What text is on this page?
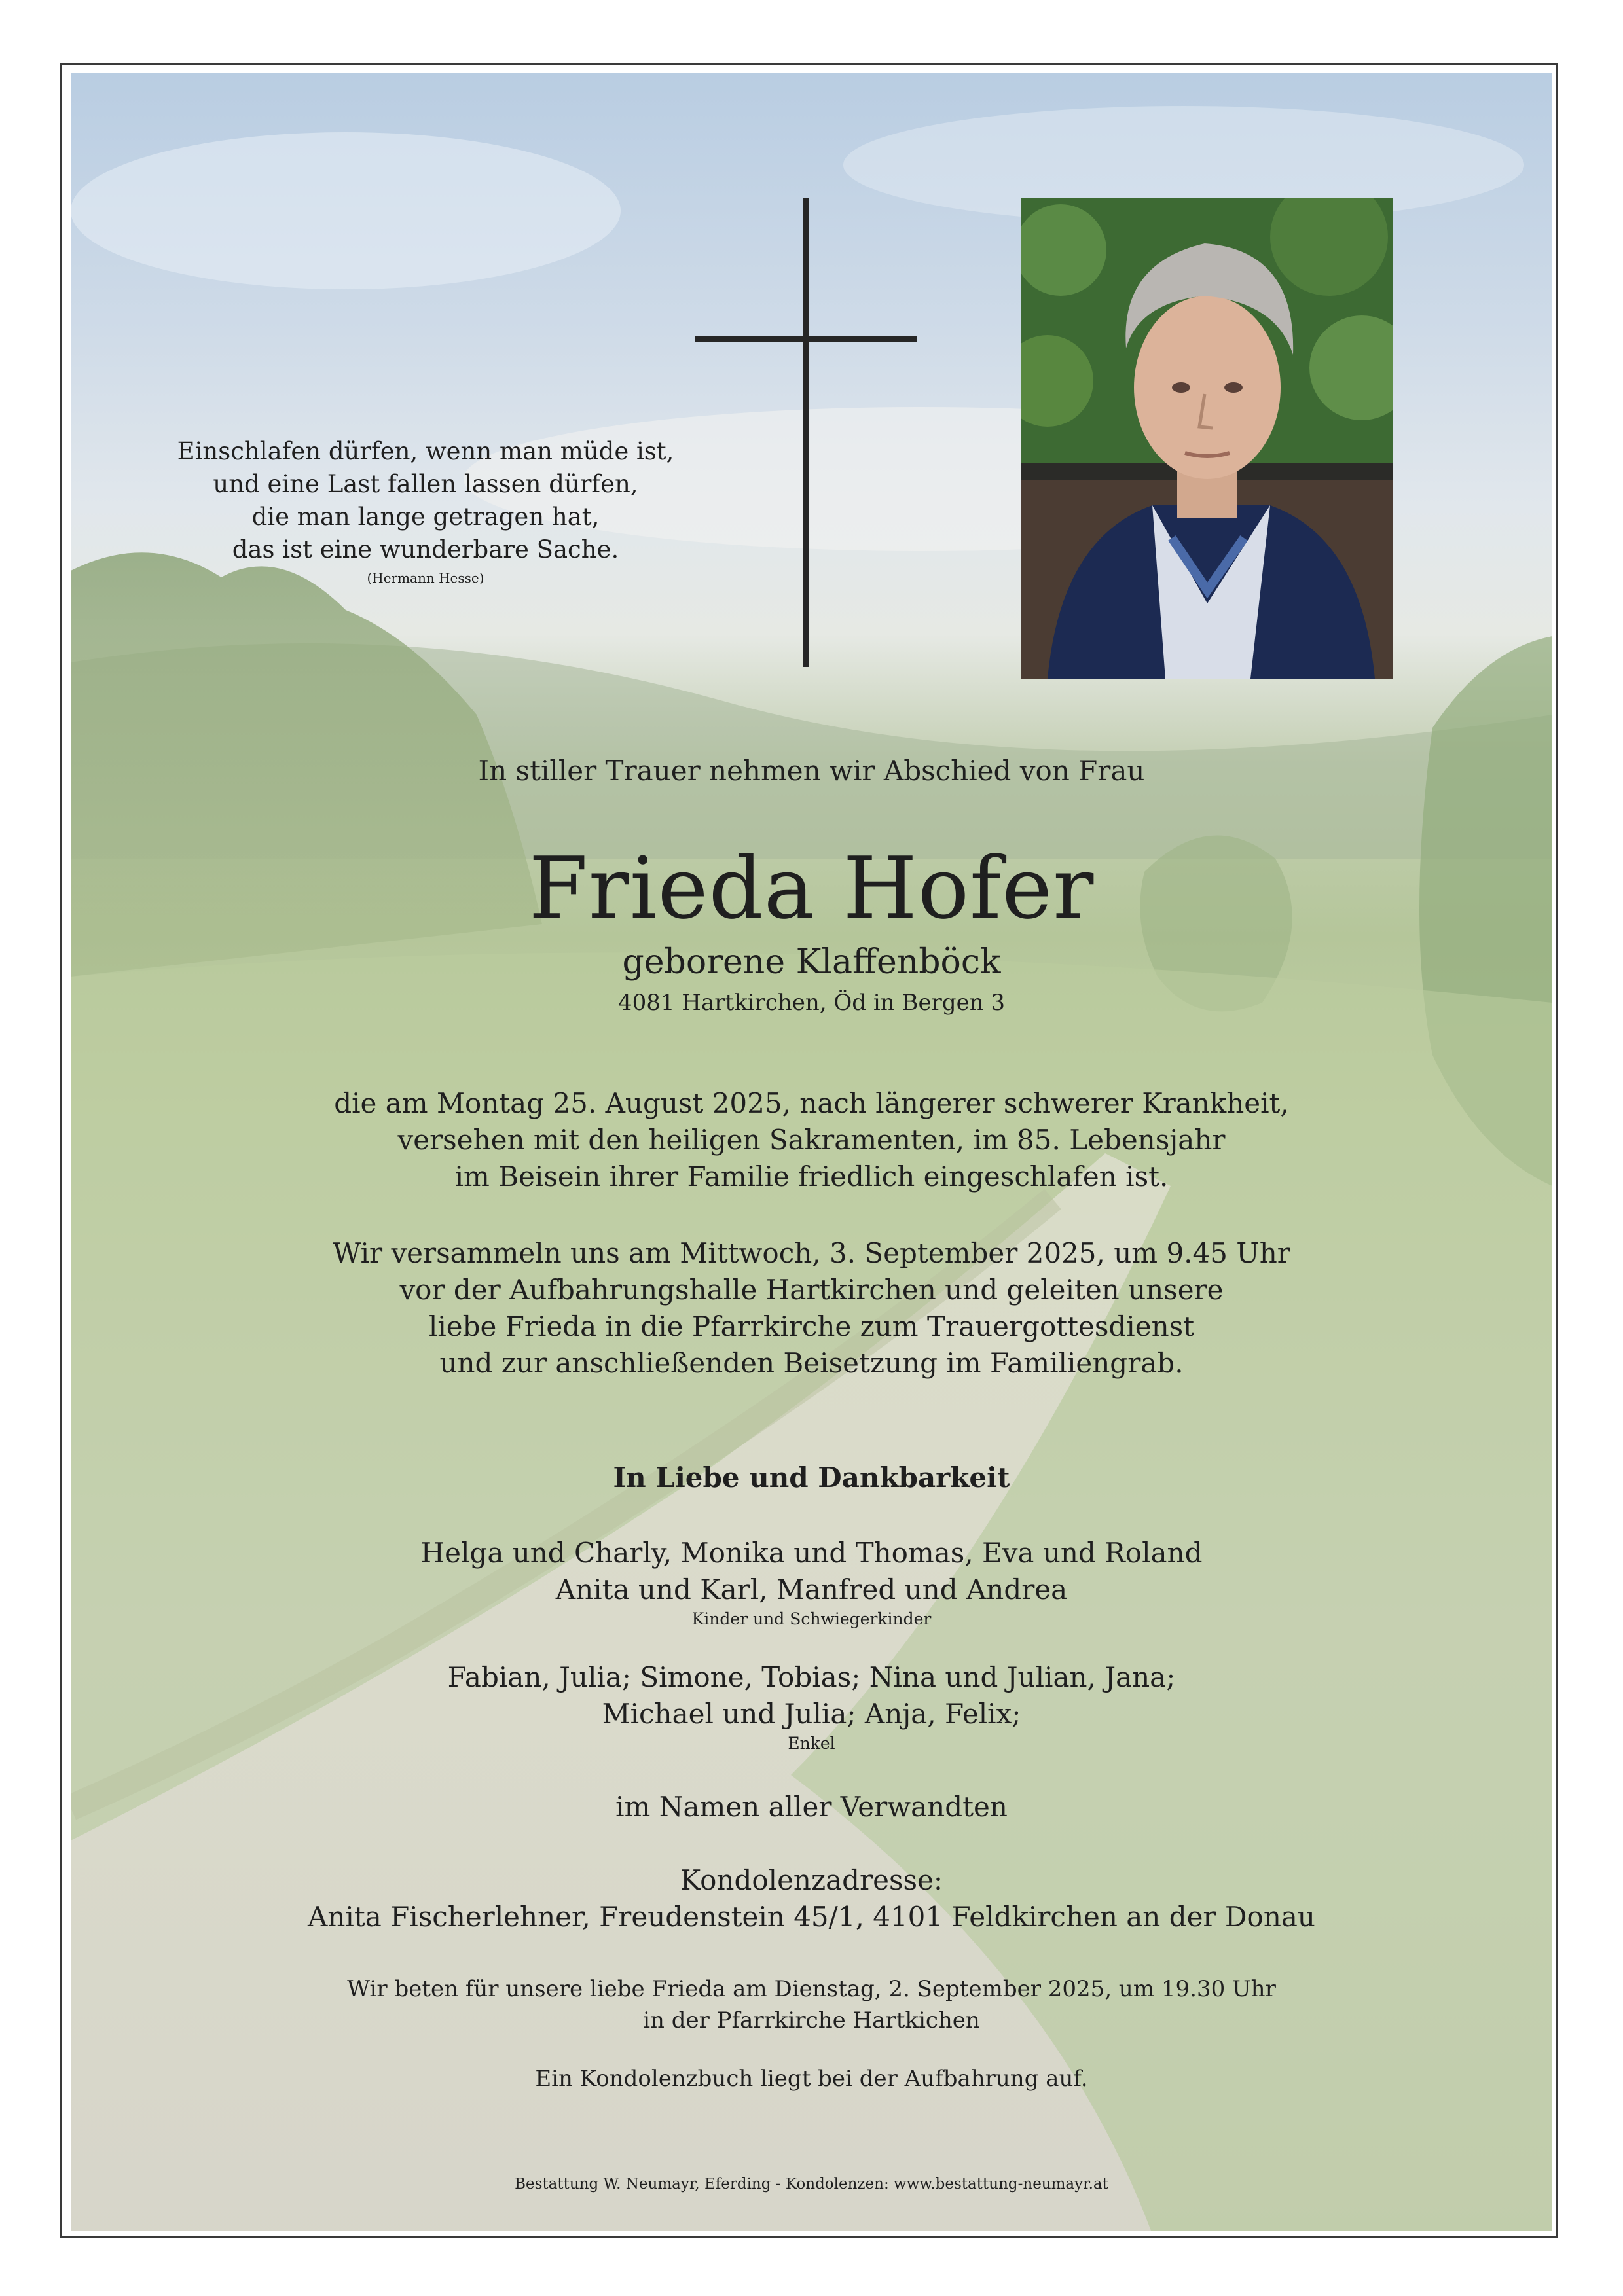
Einschlafen dürfen, wenn man müde ist,
und eine Last fallen lassen dürfen,
die man lange getragen hat,
das ist eine wunderbare Sache.
(Hermann Hesse)
In stiller Trauer nehmen wir Abschied von Frau
Frieda Hofer
geborene Klaffenböck
4081 Hartkirchen, Öd in Bergen 3
die am Montag 25. August 2025, nach längerer schwerer Krankheit,
versehen mit den heiligen Sakramenten, im 85. Lebensjahr
im Beisein ihrer Familie friedlich eingeschlafen ist.
Wir versammeln uns am Mittwoch, 3. September 2025, um 9.45 Uhr
vor der Aufbahrungshalle Hartkirchen und geleiten unsere
liebe Frieda in die Pfarrkirche zum Trauergottesdienst
und zur anschließenden Beisetzung im Familiengrab.
In Liebe und Dankbarkeit
Helga und Charly, Monika und Thomas, Eva und Roland
Anita und Karl, Manfred und Andrea
Kinder und Schwiegerkinder
Fabian, Julia; Simone, Tobias; Nina und Julian, Jana;
Michael und Julia; Anja, Felix;
Enkel
im Namen aller Verwandten
Kondolenzadresse:
Anita Fischerlehner, Freudenstein 45/1, 4101 Feldkirchen an der Donau
Wir beten für unsere liebe Frieda am Dienstag, 2. September 2025, um 19.30 Uhr
in der Pfarrkirche Hartkichen
Ein Kondolenzbuch liegt bei der Aufbahrung auf.
Bestattung W. Neumayr, Eferding - Kondolenzen: www.bestattung-neumayr.at
